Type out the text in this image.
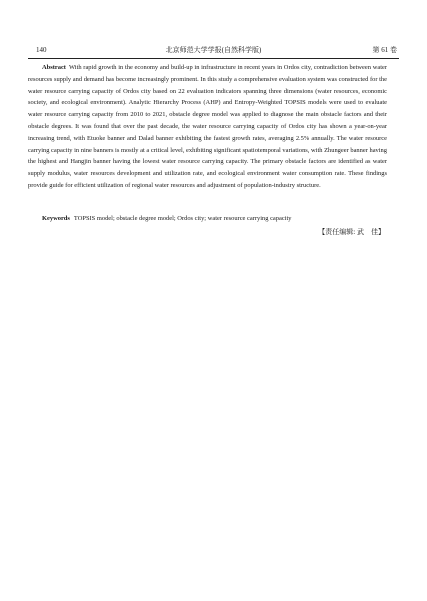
140	北京师范大学学报(自然科学版)	第 61 卷

Abstract With rapid growth in the economy and build-up in infrastructure in recent years in Ordos city, contradiction between water resources supply and demand has become increasingly prominent. In this study a comprehensive evaluation system was constructed for the water resource carrying capacity of Ordos city based on 22 evaluation indicators spanning three dimensions (water resources, economic society, and ecological environment). Analytic Hierarchy Process (AHP) and Entropy-Weighted TOPSIS models were used to evaluate water resource carrying capacity from 2010 to 2021, obstacle degree model was applied to diagnose the main obstacle factors and their obstacle degrees. It was found that over the past decade, the water resource carrying capacity of Ordos city has shown a year-on-year increasing trend, with Etuoke banner and Dalad banner exhibiting the fastest growth rates, averaging 2.5% annually. The water resource carrying capacity in nine banners is mostly at a critical level, exhibiting significant spatiotemporal variations, with Zhungeer banner having the highest and Hangjin banner having the lowest water resource carrying capacity. The primary obstacle factors are identified as water supply modulus, water resources development and utilization rate, and ecological environment water consumption rate. These findings provide guide for efficient utilization of regional water resources and adjustment of population-industry structure.

Keywords TOPSIS model; obstacle degree model; Ordos city; water resource carrying capacity

【责任编辑: 武　佳】
